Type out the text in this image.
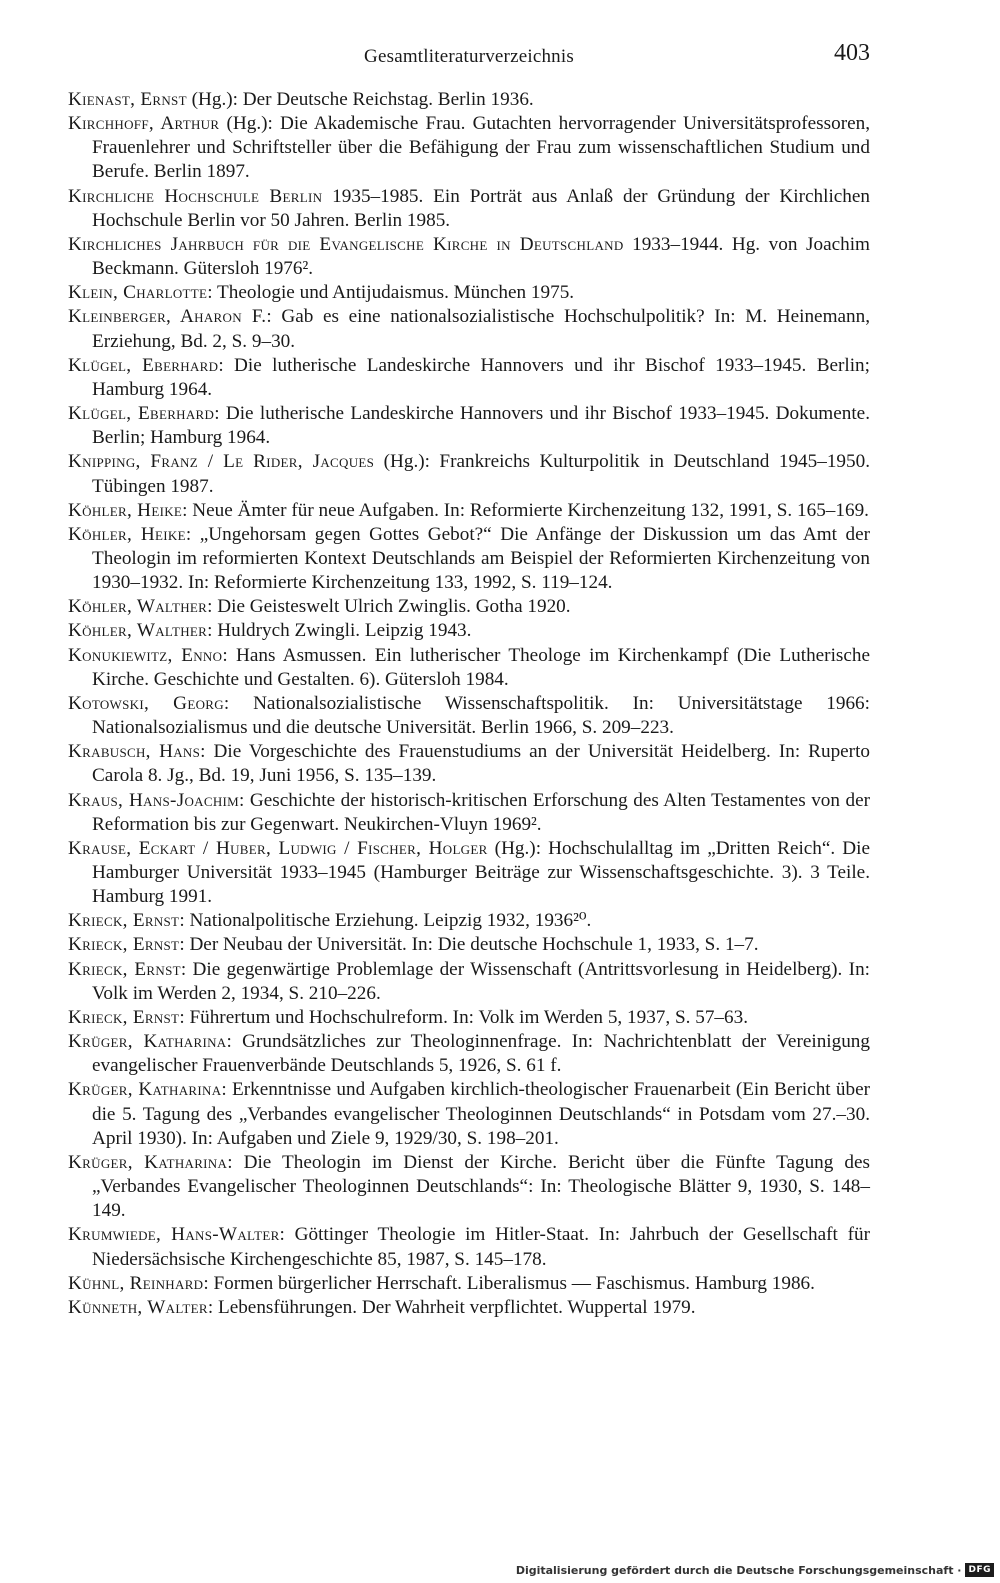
Gesamtliteraturverzeichnis	403

Kienast, Ernst (Hg.): Der Deutsche Reichstag. Berlin 1936.

Kirchhoff, Arthur (Hg.): Die Akademische Frau. Gutachten hervorragender Universitätsprofessoren, Frauenlehrer und Schriftsteller über die Befähigung der Frau zum wissenschaftlichen Studium und Berufe. Berlin 1897.

Kirchliche Hochschule Berlin 1935–1985. Ein Porträt aus Anlaß der Gründung der Kirchlichen Hochschule Berlin vor 50 Jahren. Berlin 1985.

Kirchliches Jahrbuch für die Evangelische Kirche in Deutschland 1933–1944. Hg. von Joachim Beckmann. Gütersloh 1976².

Klein, Charlotte: Theologie und Antijudaismus. München 1975.

Kleinberger, Aharon F.: Gab es eine nationalsozialistische Hochschulpolitik? In: M. Heinemann, Erziehung, Bd. 2, S. 9–30.

Klügel, Eberhard: Die lutherische Landeskirche Hannovers und ihr Bischof 1933–1945. Berlin; Hamburg 1964.

Klügel, Eberhard: Die lutherische Landeskirche Hannovers und ihr Bischof 1933–1945. Dokumente. Berlin; Hamburg 1964.

Knipping, Franz / Le Rider, Jacques (Hg.): Frankreichs Kulturpolitik in Deutschland 1945–1950. Tübingen 1987.

Köhler, Heike: Neue Ämter für neue Aufgaben. In: Reformierte Kirchenzeitung 132, 1991, S. 165–169.

Köhler, Heike: „Ungehorsam gegen Gottes Gebot?“ Die Anfänge der Diskussion um das Amt der Theologin im reformierten Kontext Deutschlands am Beispiel der Reformierten Kirchenzeitung von 1930–1932. In: Reformierte Kirchenzeitung 133, 1992, S. 119–124.

Köhler, Walther: Die Geisteswelt Ulrich Zwinglis. Gotha 1920.

Köhler, Walther: Huldrych Zwingli. Leipzig 1943.

Konukiewitz, Enno: Hans Asmussen. Ein lutherischer Theologe im Kirchenkampf (Die Lutherische Kirche. Geschichte und Gestalten. 6). Gütersloh 1984.

Kotowski, Georg: Nationalsozialistische Wissenschaftspolitik. In: Universitätstage 1966: Nationalsozialismus und die deutsche Universität. Berlin 1966, S. 209–223.

Krabusch, Hans: Die Vorgeschichte des Frauenstudiums an der Universität Heidelberg. In: Ruperto Carola 8. Jg., Bd. 19, Juni 1956, S. 135–139.

Kraus, Hans-Joachim: Geschichte der historisch-kritischen Erforschung des Alten Testamentes von der Reformation bis zur Gegenwart. Neukirchen-Vluyn 1969².

Krause, Eckart / Huber, Ludwig / Fischer, Holger (Hg.): Hochschulalltag im „Dritten Reich“. Die Hamburger Universität 1933–1945 (Hamburger Beiträge zur Wissenschaftsgeschichte. 3). 3 Teile. Hamburg 1991.

Krieck, Ernst: Nationalpolitische Erziehung. Leipzig 1932, 1936²⁰.

Krieck, Ernst: Der Neubau der Universität. In: Die deutsche Hochschule 1, 1933, S. 1–7.

Krieck, Ernst: Die gegenwärtige Problemlage der Wissenschaft (Antrittsvorlesung in Heidelberg). In: Volk im Werden 2, 1934, S. 210–226.

Krieck, Ernst: Führertum und Hochschulreform. In: Volk im Werden 5, 1937, S. 57–63.

Krüger, Katharina: Grundsätzliches zur Theologinnenfrage. In: Nachrichtenblatt der Vereinigung evangelischer Frauenverbände Deutschlands 5, 1926, S. 61 f.

Krüger, Katharina: Erkenntnisse und Aufgaben kirchlich-theologischer Frauenarbeit (Ein Bericht über die 5. Tagung des „Verbandes evangelischer Theologinnen Deutschlands“ in Potsdam vom 27.–30. April 1930). In: Aufgaben und Ziele 9, 1929/30, S. 198–201.

Krüger, Katharina: Die Theologin im Dienst der Kirche. Bericht über die Fünfte Tagung des „Verbandes Evangelischer Theologinnen Deutschlands“: In: Theologische Blätter 9, 1930, S. 148–149.

Krumwiede, Hans-Walter: Göttinger Theologie im Hitler-Staat. In: Jahrbuch der Gesellschaft für Niedersächsische Kirchengeschichte 85, 1987, S. 145–178.

Kühnl, Reinhard: Formen bürgerlicher Herrschaft. Liberalismus — Faschismus. Hamburg 1986.

Künneth, Walter: Lebensführungen. Der Wahrheit verpflichtet. Wuppertal 1979.

Digitalisierung gefördert durch die Deutsche Forschungsgemeinschaft · DFG
